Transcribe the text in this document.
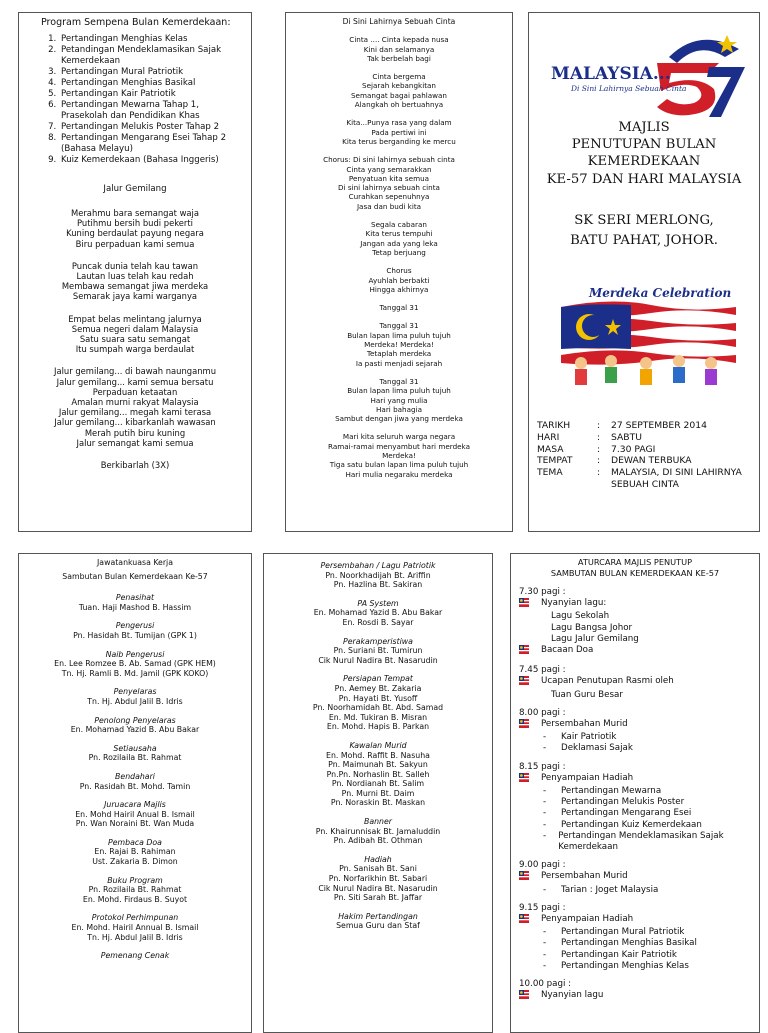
Program Sempena Bulan Kemerdekaan:
1. Pertandingan Menghias Kelas
2. Petandingan Mendeklamasikan Sajak Kemerdekaan
3. Pertandingan Mural Patriotik
4. Pertandingan Menghias Basikal
5. Pertandingan Kair Patriotik
6. Pertandingan Mewarna Tahap 1, Prasekolah dan Pendidikan Khas
7. Pertandingan Melukis Poster Tahap 2
8. Pertandingan Mengarang Esei Tahap 2 (Bahasa Melayu)
9. Kuiz Kemerdekaan (Bahasa Inggeris)
Jalur Gemilang
Merahmu bara semangat waja
Putihmu bersih budi pekerti
Kuning berdaulat payung negara
Biru perpaduan kami semua
Puncak dunia telah kau tawan
Lautan luas telah kau redah
Membawa semangat jiwa merdeka
Semarak jaya kami warganya
Empat belas melintang jalurnya
Semua negeri dalam Malaysia
Satu suara satu semangat
Itu sumpah warga berdaulat
Jalur gemilang... di bawah naunganmu
Jalur gemilang... kami semua bersatu
Perpaduan ketaatan
Amalan murni rakyat Malaysia
Jalur gemilang... megah kami terasa
Jalur gemilang... kibarkanlah wawasan
Merah putih biru kuning
Jalur semangat kami semua
Berkibarlah (3X)
Di Sini Lahirnya Sebuah Cinta
Cinta .... Cinta kepada nusa
Kini dan selamanya
Tak berbelah bagi
Cinta bergema
Sejarah kebangkitan
Semangat bagai pahlawan
Alangkah oh bertuahnya
Kita...Punya rasa yang dalam
Pada pertiwi ini
Kita terus berganding ke mercu
Chorus: Di sini lahirnya sebuah cinta
Cinta yang semarakkan
Penyatuan kita semua
Di sini lahirnya sebuah cinta
Curahkan sepenuhnya
Jasa dan budi kita
Segala cabaran
Kita terus tempuhi
Jangan ada yang leka
Tetap berjuang
Chorus
Ayuhlah berbakti
Hingga akhirnya
Tanggal 31
Tanggal 31
Bulan lapan lima puluh tujuh
Merdeka! Merdeka!
Tetaplah merdeka
Ia pasti menjadi sejarah
Tanggal 31
Bulan lapan lima puluh tujuh
Hari yang mulia
Hari bahagia
Sambut dengan jiwa yang merdeka
Mari kita seluruh warga negara
Ramai-ramai menyambut hari merdeka
Merdeka!
Tiga satu bulan lapan lima puluh tujuh
Hari mulia negaraku merdeka
MALAYSIA...
Di Sini Lahirnya Sebuah Cinta
57
MAJLIS
PENUTUPAN BULAN
KEMERDEKAAN
KE-57 DAN HARI MALAYSIA
SK SERI MERLONG,
BATU PAHAT, JOHOR.
Merdeka Celebration
TARIKH	:	27 SEPTEMBER 2014
HARI	:	SABTU
MASA	:	7.30 PAGI
TEMPAT	:	DEWAN TERBUKA
TEMA	:	MALAYSIA, DI SINI LAHIRNYA SEBUAH CINTA
Jawatankuasa Kerja
Sambutan Bulan Kemerdekaan Ke-57
Penasihat
Tuan. Haji Mashod B. Hassim
Pengerusi
Pn. Hasidah Bt. Tumijan (GPK 1)
Naib Pengerusi
En. Lee Romzee B. Ab. Samad (GPK HEM)
Tn. Hj. Ramli B. Md. Jamil (GPK KOKO)
Penyelaras
Tn. Hj. Abdul Jalil B. Idris
Penolong Penyelaras
En. Mohamad Yazid B. Abu Bakar
Setiausaha
Pn. Rozilaila Bt. Rahmat
Bendahari
Pn. Rasidah Bt. Mohd. Tamin
Juruacara Majlis
En. Mohd Hairil Anual B. Ismail
Pn. Wan Noraini Bt. Wan Muda
Pembaca Doa
En. Rajai B. Rahiman
Ust. Zakaria B. Dimon
Buku Program
Pn. Rozilaila Bt. Rahmat
En. Mohd. Firdaus B. Suyot
Protokol Perhimpunan
En. Mohd. Hairil Annual B. Ismail
Tn. Hj. Abdul Jalil B. Idris
Pemenang Cenak
Persembahan / Lagu Patriotik
Pn. Noorkhadijah Bt. Ariffin
Pn. Hazlina Bt. Sakiran
PA System
En. Mohamad Yazid B. Abu Bakar
En. Rosdi B. Sayar
Perakamperistiwa
Pn. Suriani Bt. Tumirun
Cik Nurul Nadira Bt. Nasarudin
Persiapan Tempat
Pn. Aemey Bt. Zakaria
Pn. Hayati Bt. Yusoff
Pn. Noorhamidah Bt. Abd. Samad
En. Md. Tukiran B. Misran
En. Mohd. Hapis B. Parkan
Kawalan Murid
En. Mohd. Raffit B. Nasuha
Pn. Maimunah Bt. Sakyun
Pn.Pn. Norhaslin Bt. Salleh
Pn. Nordianah Bt. Salim
Pn. Murni Bt. Daim
Pn. Noraskin Bt. Maskan
Banner
Pn. Khairunnisak Bt. Jamaluddin
Pn. Adibah Bt. Othman
Hadiah
Pn. Sanisah Bt. Sani
Pn. Norfarikhin Bt. Sabari
Cik Nurul Nadira Bt. Nasarudin
Pn. Siti Sarah Bt. Jaffar
Hakim Pertandingan
Semua Guru dan Staf
ATURCARA MAJLIS PENUTUP
SAMBUTAN BULAN KEMERDEKAAN KE-57
7.30 pagi :
Nyanyian lagu:
Lagu Sekolah
Lagu Bangsa Johor
Lagu Jalur Gemilang
Bacaan Doa
7.45 pagi :
Ucapan Penutupan Rasmi oleh
Tuan Guru Besar
8.00 pagi :
Persembahan Murid
-	Kair Patriotik
-	Deklamasi Sajak
8.15 pagi :
Penyampaian Hadiah
-	Pertandingan Mewarna
-	Pertandingan Melukis Poster
-	Pertandingan Mengarang Esei
-	Pertandingan Kuiz Kemerdekaan
-	Pertandingan Mendeklamasikan Sajak Kemerdekaan
9.00 pagi :
Persembahan Murid
-	Tarian : Joget Malaysia
9.15 pagi :
Penyampaian Hadiah
-	Pertandingan Mural Patriotik
-	Pertandingan Menghias Basikal
-	Pertandingan Kair Patriotik
-	Pertandingan Menghias Kelas
10.00 pagi :
Nyanyian lagu
